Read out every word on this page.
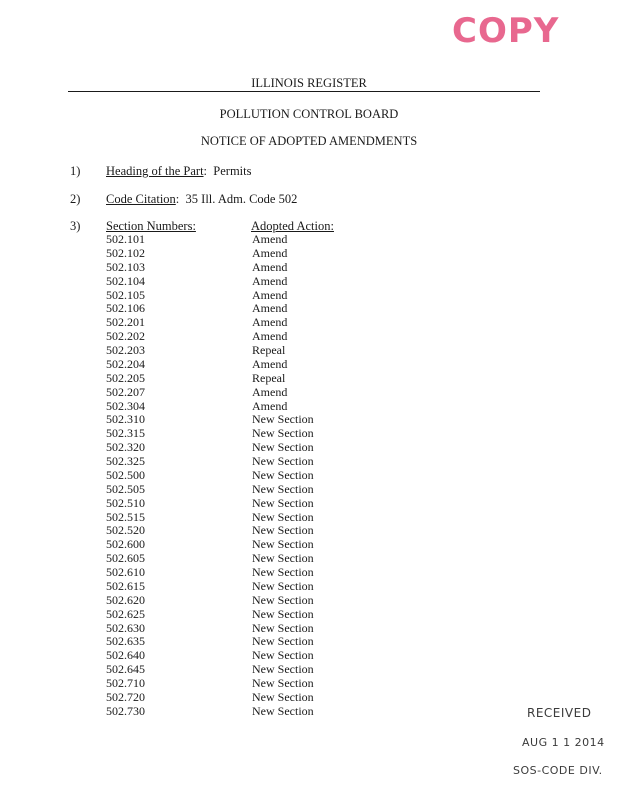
COPY
ILLINOIS REGISTER
POLLUTION CONTROL BOARD
NOTICE OF ADOPTED AMENDMENTS
1) Heading of the Part: Permits
2) Code Citation: 35 Ill. Adm. Code 502
3) Section Numbers:	Adopted Action:
502.101	Amend
502.102	Amend
502.103	Amend
502.104	Amend
502.105	Amend
502.106	Amend
502.201	Amend
502.202	Amend
502.203	Repeal
502.204	Amend
502.205	Repeal
502.207	Amend
502.304	Amend
502.310	New Section
502.315	New Section
502.320	New Section
502.325	New Section
502.500	New Section
502.505	New Section
502.510	New Section
502.515	New Section
502.520	New Section
502.600	New Section
502.605	New Section
502.610	New Section
502.615	New Section
502.620	New Section
502.625	New Section
502.630	New Section
502.635	New Section
502.640	New Section
502.645	New Section
502.710	New Section
502.720	New Section
502.730	New Section	RECEIVED
AUG 1 1 2014
SOS-CODE DIV.
